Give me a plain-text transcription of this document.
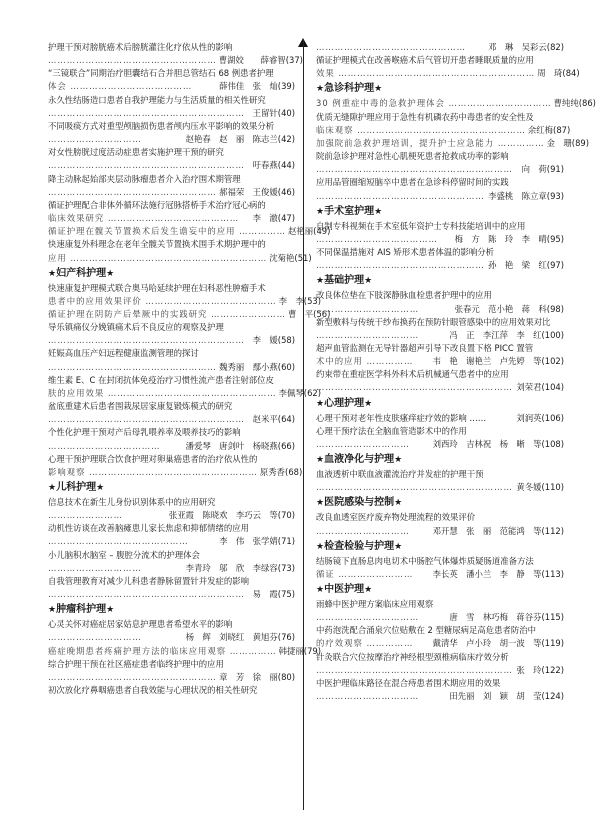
护理干预对膀胱癌术后膀胱灌注化疗依从性的影响
……………………………………………… 曹湖姣　　薛睿智(37)
“三镜联合”同期治疗胆囊结石合并胆总管结石 68 例患者护理
体会 …………………………………	薛伟佳　张　灿(39)
永久性结肠造口患者自我护理能力与生活质量的相关性研究
……………………………………………………… 王留针(40)
不同吸痰方式对重型颅脑损伤患者颅内压水平影响的效果分析
…………………………	赵艳春　赵　丽　陈志兰(42)
对女性膀胱过度活动症患者实施护理干预的研究
……………………………………………………… 吁春燕(44)
降主动脉起始部夹层动脉瘤患者介入治疗围术期管理
……………………………………………… 郝福荣　王俊媛(46)
循证护理配合非体外循环法施行冠脉搭桥手术治疗冠心病的
临床效果研究 ……………………………………	李　澈(47)
循证护理在髋关节置换术后发生谵妄中的应用 …………… 赵艳丽(49)
快速康复外科理念在老年全髋关节置换术围手术期护理中的
应用 ……………………………………………………… 沈菊艳(51)
★妇产科护理★
快速康复护理模式联合奥马哈延续护理在妇科恶性肿瘤手术
患者中的应用效果评价 …………………………………… 李　李(53)
循证护理在阴防产后晕厥中的实践研究 …………………… 曹　平(56)
导乐镇痛仪分娩镇痛术后不良反应的观察及护理
……………………………………………………… 李　媛(58)
妊娠高血压产妇远程健康监测管理的探讨
……………………………………………… 魏秀丽　鄢小燕(60)
维生素 E、C 在封闭抗体免疫治疗习惯性流产患者注射部位皮
肤的应用效果 ……………………………………………… 李佩琴(62)
盆底重建术后患者围栽尿居家康复锻炼模式的研究
……………………………………………………… 赵米平(64)
个性化护理干预对产后母乳喂养率及喂养技巧的影响
………………………………	潘爱琴　唐剑叶　杨晓燕(66)
心理干预护理联合饮食护理对卵巢癌患者的治疗依从性的
影响观察 ……………………………………………… 原秀香(68)
★儿科护理★
信息技术在新生儿身份识别体系中的应用研究
……………………	张亚霞　陈晓欢　李巧云　等(70)
动机性访谈在改善脑瘫患儿家长焦虑和抑郁情绪的应用
………………………………………	李　伟　张学婧(71)
小儿脑积水脑室 – 腹腔分流术的护理体会
…………………………	李青玲　邬　欣　李绿容(73)
自我管理教育对减少儿科患者静脉留置针并发症的影响
……………………………………………………… 易　霞(75)
★肿瘤科护理★
心灵关怀对癌症居家姑息护理患者希望水平的影响
…………………………	杨　辉　刘晓红　黄旭芬(76)
癌症晚期患者疼痛护理方法的临床应用观察 …………… 韩捷丽(79)
综合护理干预在社区癌症患者临终护理中的应用
……………………………………………… 章　芳　徐　丽(80)
初次放化疗鼻咽癌患者自我效能与心理状况的相关性研究
…………………………………………	邓　琳　吴彩云(82)
循证护理模式在改善喉癌术后气管切开患者睡眠质量的应用
效果 ……………………………………………………… 周　琦(84)
★急诊科护理★
30 例重症中毒的急救护理体会 …………………………… 曹纯纯(86)
优质无缝隙护理应用于急性有机磷农药中毒患者的安全性及
临床观察 ……………………………………………… 余红梅(87)
加强院前急救护理培训，提升护士应急能力 …………… 金　珊(89)
院前急诊护理对急性心肌梗死患者抢救成功率的影响
………………………………………………………	向　荷(91)
应用品管圈缩短脑卒中患者在急诊科停留时间的实践
……………………………………………… 李盛桃　陈立章(93)
★手术室护理★
自制专科视频在手术室低年资护士专科技能培训中的应用
…………………………………	梅　方　陈　玲　李　晴(95)
不同保温措施对 AIS 矫形术患者体温的影响分析
……………………………………………… 孙　艳　梁　红(97)
★基础护理★
改良体位垫在下肢深静脉血栓患者护理中的应用
……………………………	张春元　范小艳　蒋　科(98)
新型敷料与传统干纱布换药在预防针眼管感染中的应用效果对比
……………………………	冯　正　李江萍　李　红(100)
超声血管监测在无导针器超声引导下改良置下格 PICC 置管
术中的应用 ……………	韦　艳　谢艳兰　卢先婷　等(102)
约束带在重症医学科外科术后机械通气患者中的应用
……………………………………………………… 刘荣君(104)
★心理护理★
心理干预对老年性皮肤瘙痒症疗效的影响 ……	刘润英(106)
心理干预疗法在全脑血管造影术中的作用
…………………………	刘西玲　吉林祝　杨　晰　等(108)
★血液净化与护理★
血液透析中联血液灌流治疗并发症的护理干预
……………………………………………………… 黄冬媛(110)
★医院感染与控制★
改良血透室医疗废弃物处理流程的效果评价
…………………………	邓开慧　张　丽　范能鸿　等(112)
★检查检验与护理★
结肠镜下直肠息肉电切术中肠腔气体爆炸质疑肠道准备方法
循证 ……………………	李长英　潘小兰　李　静　等(113)
★中医护理★
雨蜂中医护理方案临床应用观察
……………………………	唐　雪　林巧梅　蒋谷芬(115)
中药泡洗配合涌泉穴位贴敷在 2 型糖尿病足高危患者防治中
的疗效观察 ……………	戴清华　卢小玲　胡一波　等(119)
针灸联合穴位按摩治疗神经根型颈椎病临床疗效分析
……………………………………………………… 张　玲(122)
中医护理临床路径在混合痔患者围术期应用的效果
……………………………	田先丽　刘　颖　胡　莹(124)
